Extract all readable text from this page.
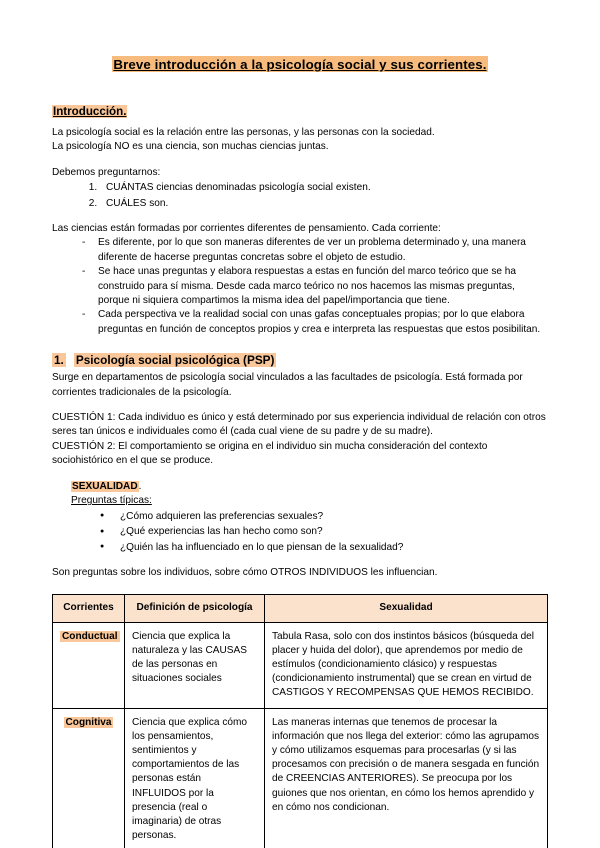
Breve introducción a la psicología social y sus corrientes.
Introducción.

La psicología social es la relación entre las personas, y las personas con la sociedad.
La psicología NO es una ciencia, son muchas ciencias juntas.

Debemos preguntarnos:

1. CUÁNTAS ciencias denominadas psicología social existen.
2. CUÁLES son.

Las ciencias están formadas por corrientes diferentes de pensamiento. Cada corriente:

- Es diferente, por lo que son maneras diferentes de ver un problema determinado y, una manera diferente de hacerse preguntas concretas sobre el objeto de estudio.
- Se hace unas preguntas y elabora respuestas a estas en función del marco teórico que se ha construido para sí misma. Desde cada marco teórico no nos hacemos las mismas preguntas, porque ni siquiera compartimos la misma idea del papel/importancia que tiene.
- Cada perspectiva ve la realidad social con unas gafas conceptuales propias; por lo que elabora preguntas en función de conceptos propios y crea e interpreta las respuestas que estos posibilitan.
1. Psicología social psicológica (PSP)

Surge en departamentos de psicología social vinculados a las facultades de psicología. Está formada por corrientes tradicionales de la psicología.

CUESTIÓN 1: Cada individuo es único y está determinado por sus experiencia individual de relación con otros seres tan únicos e individuales como él (cada cual viene de su padre y de su madre).

CUESTIÓN 2: El comportamiento se origina en el individuo sin mucha consideración del contexto sociohistórico en el que se produce.

SEXUALIDAD.
Preguntas típicas:
● ¿Cómo adquieren las preferencias sexuales?
● ¿Qué experiencias las han hecho como son?
● ¿Quién las ha influenciado en lo que piensan de la sexualidad?

Son preguntas sobre los individuos, sobre cómo OTROS INDIVIDUOS les influencian.

Corrientes	Definición de psicología	Sexualidad
Conductual	Ciencia que explica la naturaleza y las CAUSAS de las personas en situaciones sociales	Tabula Rasa, solo con dos instintos básicos (búsqueda del placer y huida del dolor), que aprendemos por medio de estímulos (condicionamiento clásico) y respuestas (condicionamiento instrumental) que se crean en virtud de CASTIGOS Y RECOMPENSAS QUE HEMOS RECIBIDO.
Cognitiva	Ciencia que explica cómo los pensamientos, sentimientos y comportamientos de las personas están INFLUIDOS por la presencia (real o imaginaria) de otras personas.	Las maneras internas que tenemos de procesar la información que nos llega del exterior: cómo las agrupamos y cómo utilizamos esquemas para procesarlas (y si las procesamos con precisión o de manera sesgada en función de CREENCIAS ANTERIORES). Se preocupa por los guiones que nos orientan, en cómo los hemos aprendido y en cómo nos condicionan.
